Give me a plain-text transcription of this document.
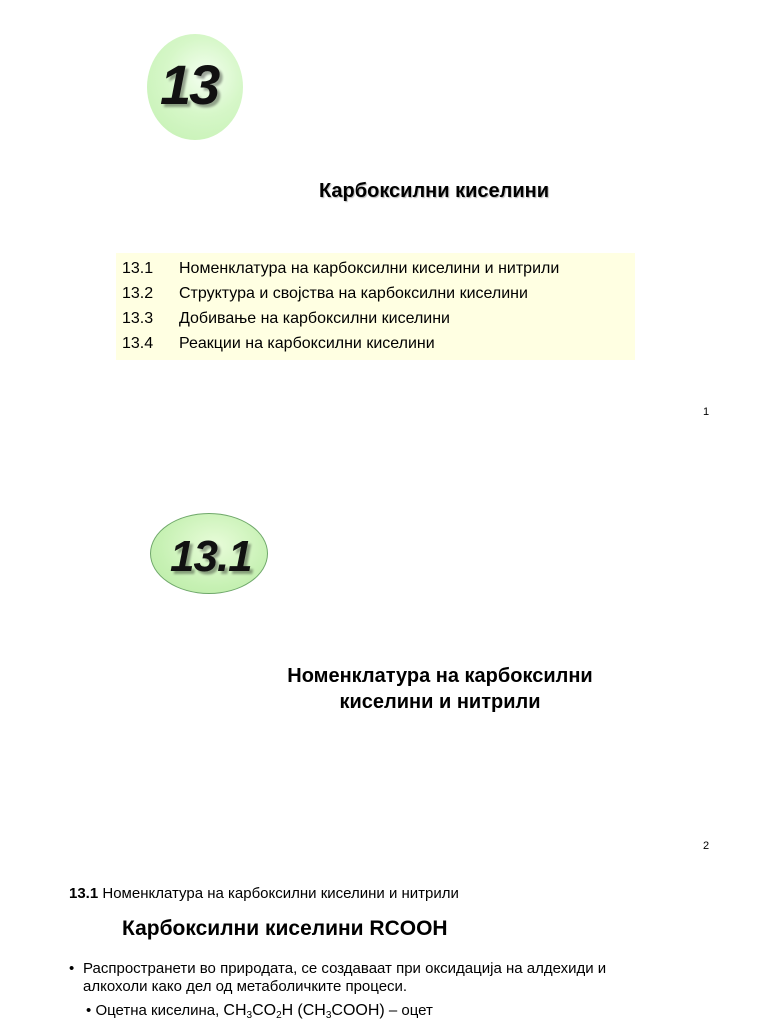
13
Карбоксилни киселини
13.1 Номенклатура на карбоксилни киселини и нитрили
13.2 Структура и својства на карбоксилни киселини
13.3 Добивање на карбоксилни киселини
13.4 Реакции на карбоксилни киселини
1
13.1
Номенклатура на карбоксилни
киселини и нитрили
2
13.1 Номенклатура на карбоксилни киселини и нитрили
Карбоксилни киселини RCOOH
• Распространети во природата, се создаваат при оксидација на алдехиди и алкохоли како дел од метаболичките процеси.
• Оцетна киселина, $CH_3CO_2H$ $(CH_3COOH)$ – оцет
